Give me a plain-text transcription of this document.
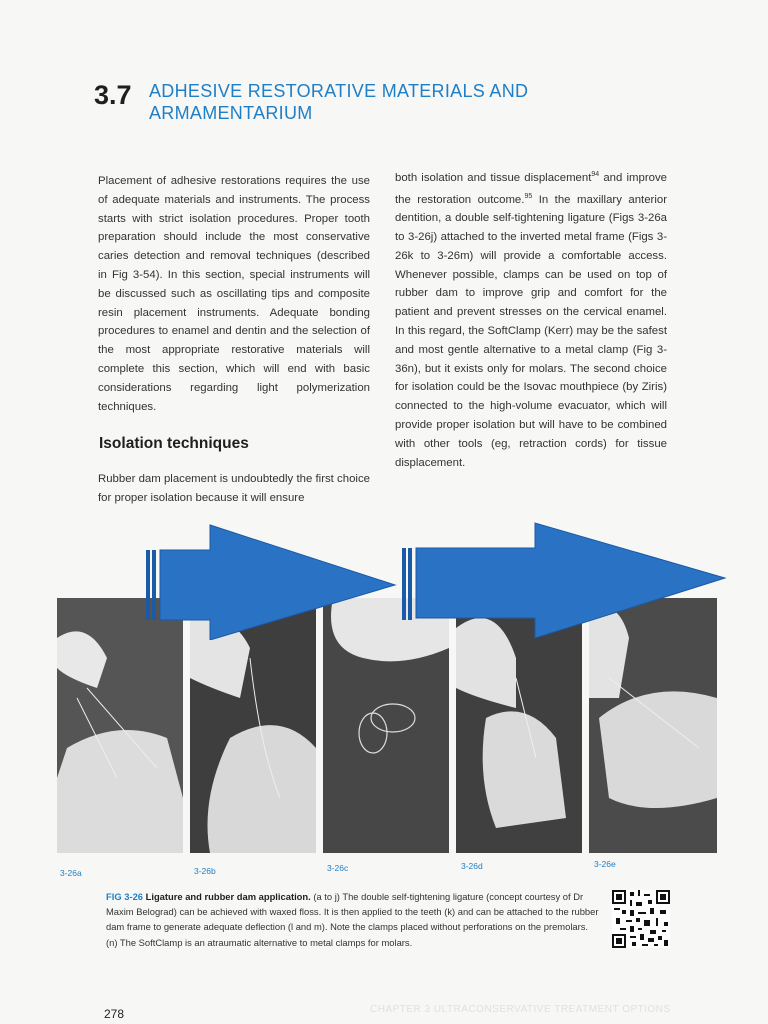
3.7 ADHESIVE RESTORATIVE MATERIALS AND
ARMAMENTARIUM

Placement of adhesive restorations requires the use of adequate materials and instruments. The process starts with strict isolation procedures. Proper tooth preparation should include the most conservative caries detection and removal techniques (described in Fig 3-54). In this section, special instruments will be discussed such as oscillating tips and composite resin placement instruments. Adequate bonding procedures to enamel and dentin and the selection of the most appropriate restorative materials will complete this section, which will end with basic considerations regarding light polymerization techniques.

Isolation techniques

Rubber dam placement is undoubtedly the first choice for proper isolation because it will ensure

both isolation and tissue displacement$^{94}$ and improve the restoration outcome.$^{95}$ In the maxillary anterior dentition, a double self-tightening ligature (Figs 3-26a to 3-26j) attached to the inverted metal frame (Figs 3-26k to 3-26m) will provide a comfortable access. Whenever possible, clamps can be used on top of rubber dam to improve grip and comfort for the patient and prevent stresses on the cervical enamel. In this regard, the SoftClamp (Kerr) may be the safest and most gentle alternative to a metal clamp (Fig 3-36n), but it exists only for molars. The second choice for isolation could be the Isovac mouthpiece (by Ziris) connected to the high-volume evacuator, which will provide proper isolation but will have to be combined with other tools (eg, retraction cords) for tissue displacement.

3-26a	3-26b	3-26c	3-26d	3-26e
FIG 3-26 Ligature and rubber dam application. (a to j) The double self-tightening ligature (concept courtesy of Dr Maxim Belograd) can be achieved with waxed floss. It is then applied to the teeth (k) and can be attached to the rubber dam frame to generate adequate deflection (l and m). Note the clamps placed without perforations on the premolars. (n) The SoftClamp is an atraumatic alternative to metal clamps for molars.
278	CHAPTER 3 ULTRACONSERVATIVE TREATMENT OPTIONS
